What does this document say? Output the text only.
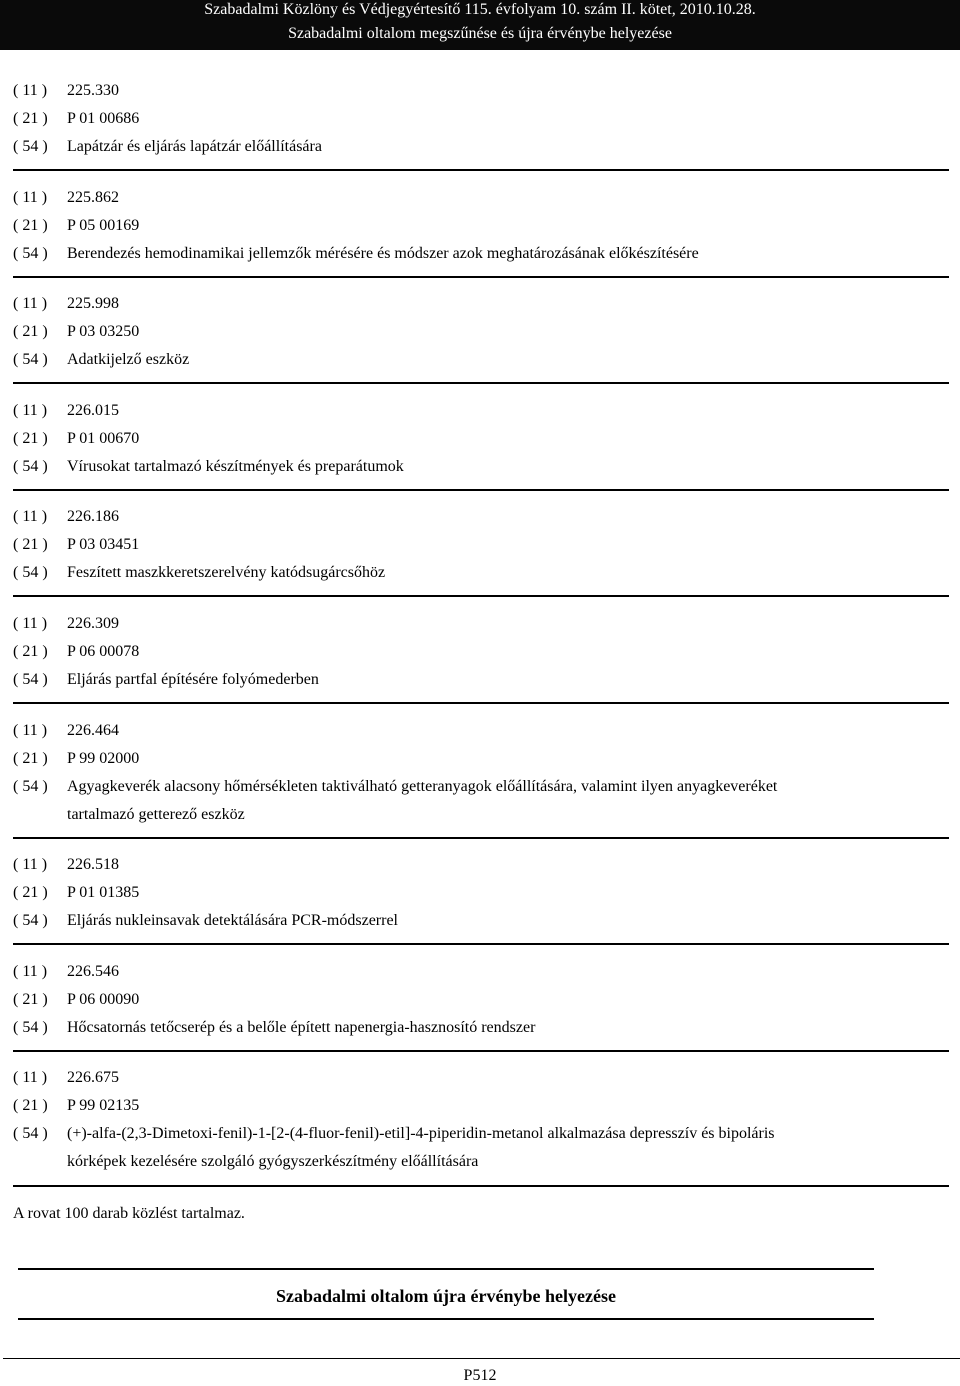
Szabadalmi Közlöny és Védjegyértesítő 115. évfolyam 10. szám II. kötet, 2010.10.28.
Szabadalmi oltalom megszűnése és újra érvénybe helyezése
( 11 )	225.330
( 21 )	P 01 00686
( 54 )	Lapátzár és eljárás lapátzár előállítására
( 11 )	225.862
( 21 )	P 05 00169
( 54 )	Berendezés hemodinamikai jellemzők mérésére és módszer azok meghatározásának előkészítésére
( 11 )	225.998
( 21 )	P 03 03250
( 54 )	Adatkijelző eszköz
( 11 )	226.015
( 21 )	P 01 00670
( 54 )	Vírusokat tartalmazó készítmények és preparátumok
( 11 )	226.186
( 21 )	P 03 03451
( 54 )	Feszített maszkkeretszerelvény katódsugárcsőhöz
( 11 )	226.309
( 21 )	P 06 00078
( 54 )	Eljárás partfal építésére folyómederben
( 11 )	226.464
( 21 )	P 99 02000
( 54 )	Agyagkeverék alacsony hőmérsékleten taktiválható getteranyagok előállítására, valamint ilyen anyagkeveréket
tartalmazó getterező eszköz
( 11 )	226.518
( 21 )	P 01 01385
( 54 )	Eljárás nukleinsavak detektálására PCR-módszerrel
( 11 )	226.546
( 21 )	P 06 00090
( 54 )	Hőcsatornás tetőcserép és a belőle épített napenergia-hasznosító rendszer
( 11 )	226.675
( 21 )	P 99 02135
( 54 )	(+)-alfa-(2,3-Dimetoxi-fenil)-1-[2-(4-fluor-fenil)-etil]-4-piperidin-metanol alkalmazása depresszív és bipoláris
kórképek kezelésére szolgáló gyógyszerkészítmény előállítására
A rovat 100 darab közlést tartalmaz.
Szabadalmi oltalom újra érvénybe helyezése
P512
